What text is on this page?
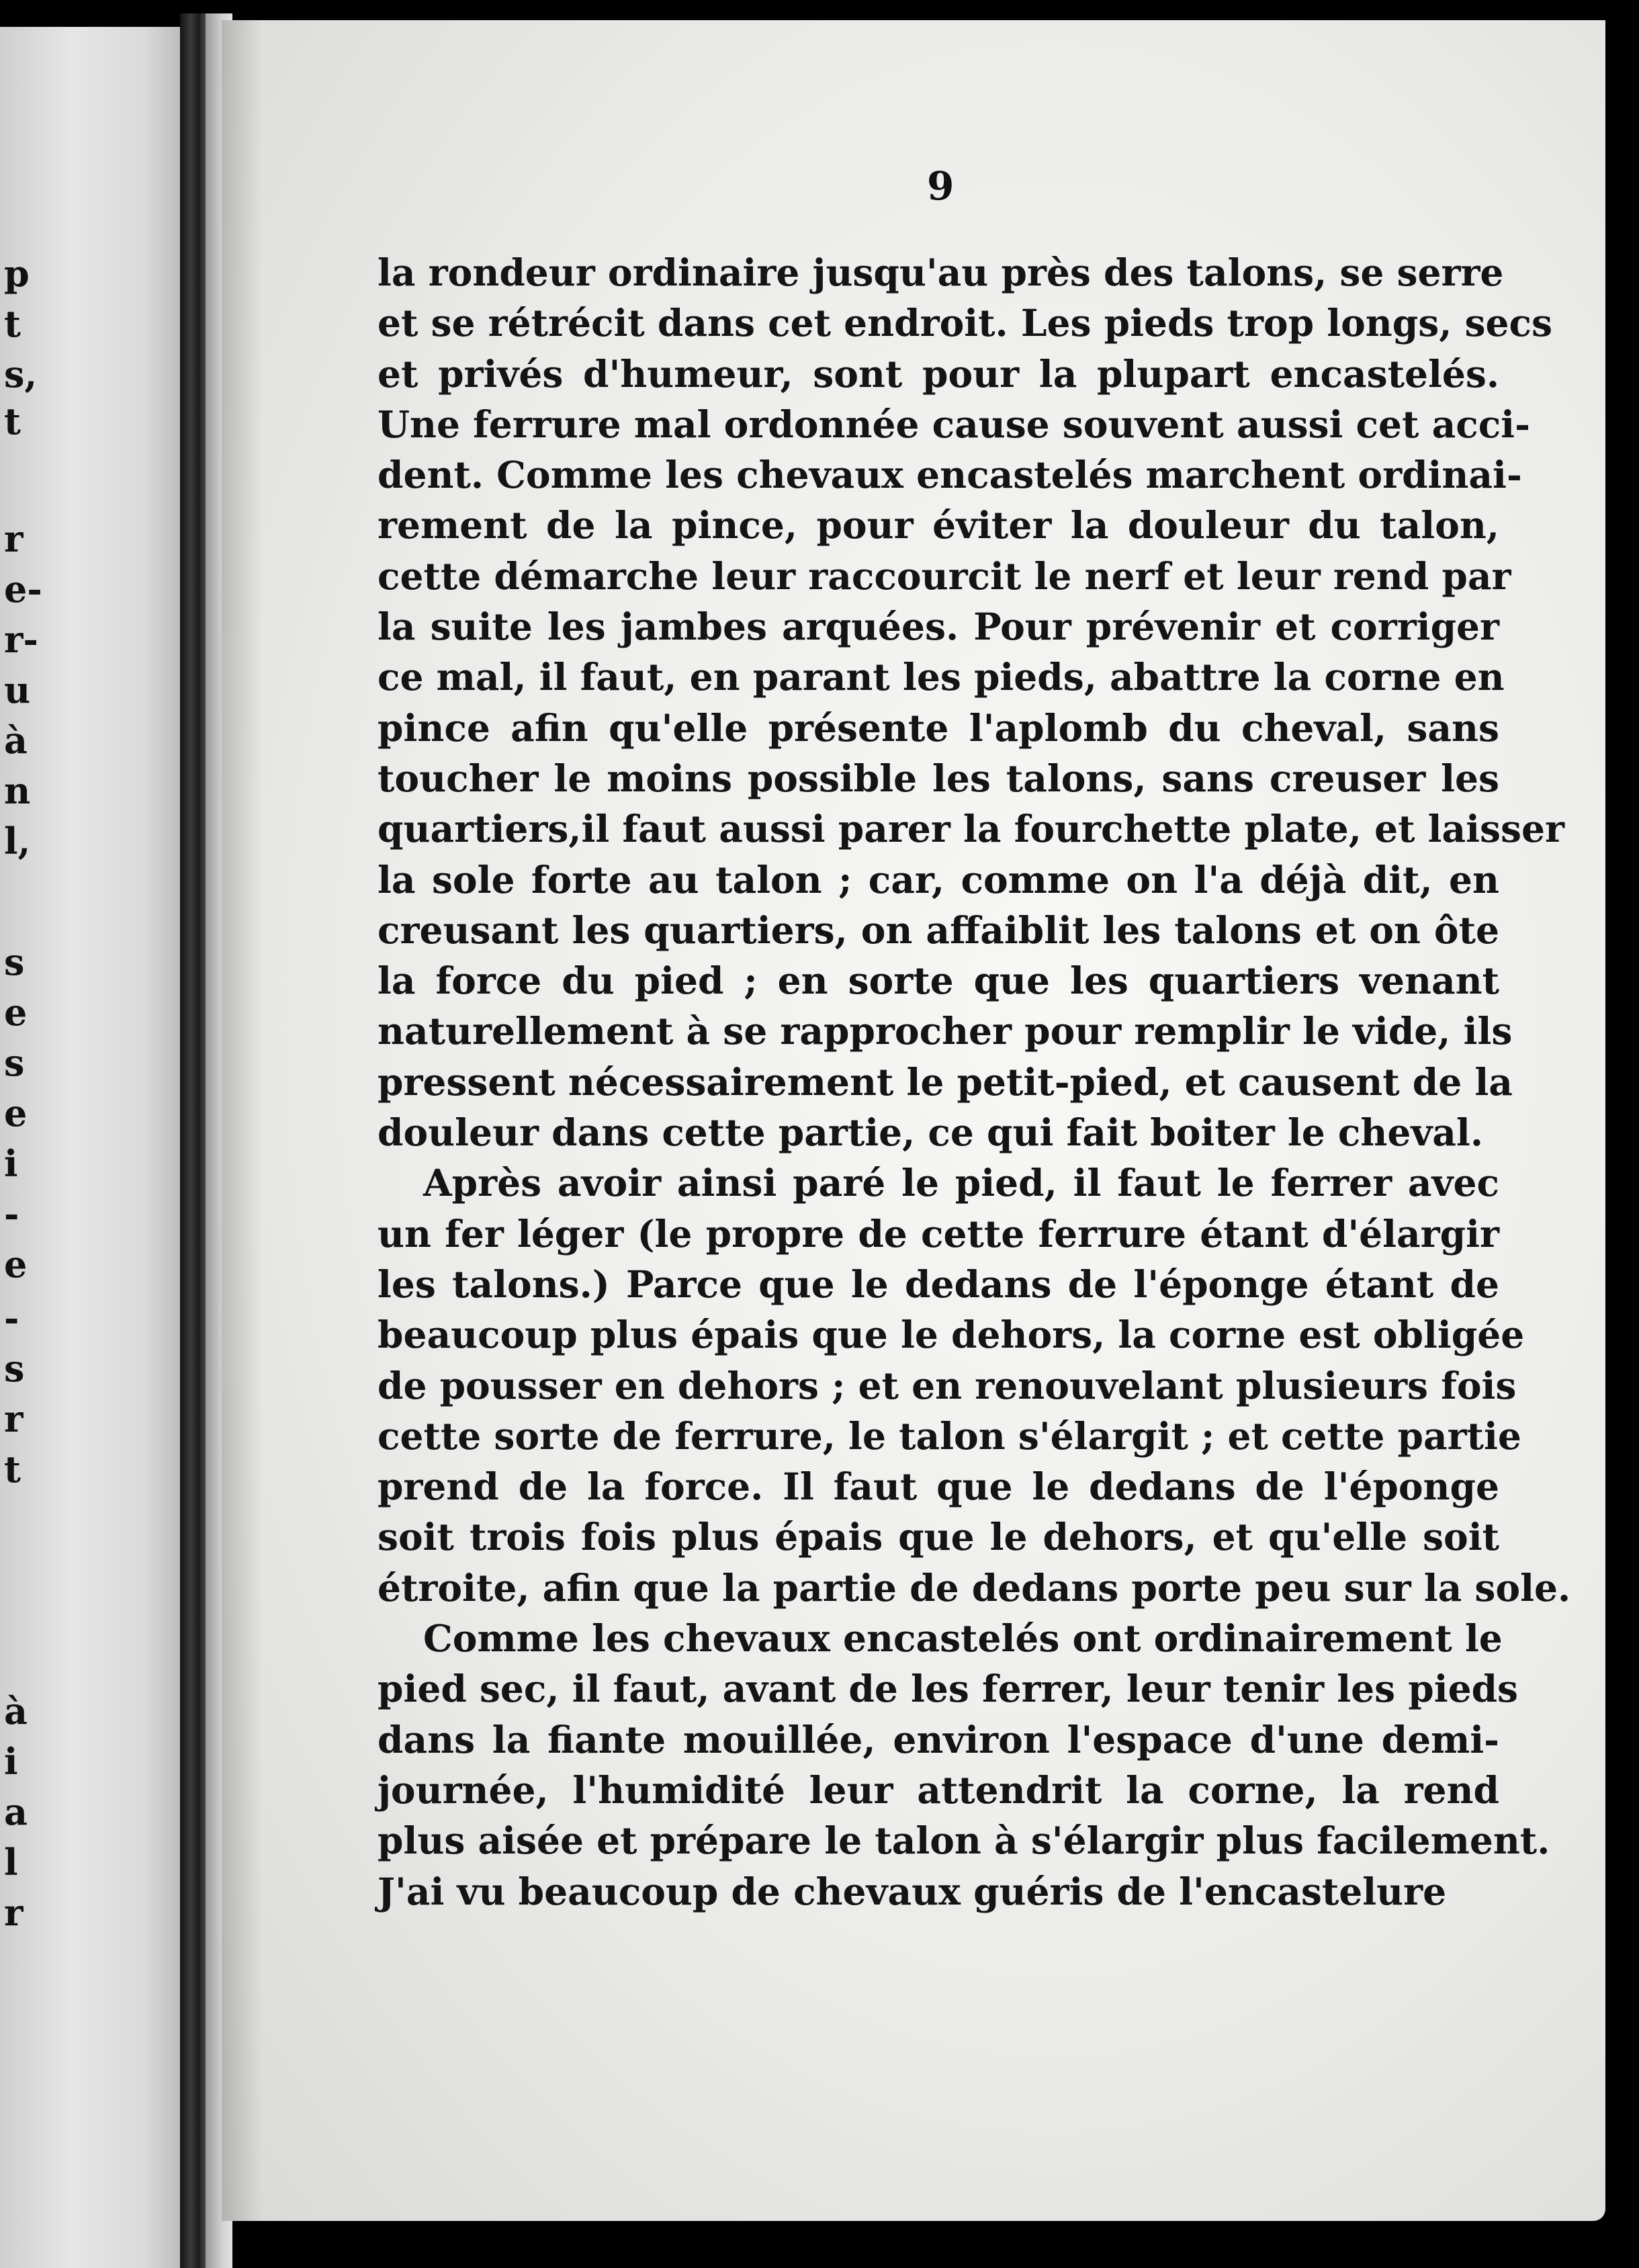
p
t
s,
t
r
e-
r-
u
à
n
l,
s
e
s
e
i
-
e
-
s
r
t
à
i
a
l
r
9
la rondeur ordinaire jusqu'au près des talons, se serre
et se rétrécit dans cet endroit. Les pieds trop longs, secs
et privés d'humeur, sont pour la plupart encastelés.
Une ferrure mal ordonnée cause souvent aussi cet acci-
dent. Comme les chevaux encastelés marchent ordinai-
rement de la pince, pour éviter la douleur du talon,
cette démarche leur raccourcit le nerf et leur rend par
la suite les jambes arquées. Pour prévenir et corriger
ce mal, il faut, en parant les pieds, abattre la corne en
pince afin qu'elle présente l'aplomb du cheval, sans
toucher le moins possible les talons, sans creuser les
quartiers,il faut aussi parer la fourchette plate, et laisser
la sole forte au talon ; car, comme on l'a déjà dit, en
creusant les quartiers, on affaiblit les talons et on ôte
la force du pied ; en sorte que les quartiers venant
naturellement à se rapprocher pour remplir le vide, ils
pressent nécessairement le petit-pied, et causent de la
douleur dans cette partie, ce qui fait boiter le cheval.
Après avoir ainsi paré le pied, il faut le ferrer avec
un fer léger (le propre de cette ferrure étant d'élargir
les talons.) Parce que le dedans de l'éponge étant de
beaucoup plus épais que le dehors, la corne est obligée
de pousser en dehors ; et en renouvelant plusieurs fois
cette sorte de ferrure, le talon s'élargit ; et cette partie
prend de la force. Il faut que le dedans de l'éponge
soit trois fois plus épais que le dehors, et qu'elle soit
étroite, afin que la partie de dedans porte peu sur la sole.
Comme les chevaux encastelés ont ordinairement le
pied sec, il faut, avant de les ferrer, leur tenir les pieds
dans la fiante mouillée, environ l'espace d'une demi-
journée, l'humidité leur attendrit la corne, la rend
plus aisée et prépare le talon à s'élargir plus facilement.
J'ai vu beaucoup de chevaux guéris de l'encastelure
